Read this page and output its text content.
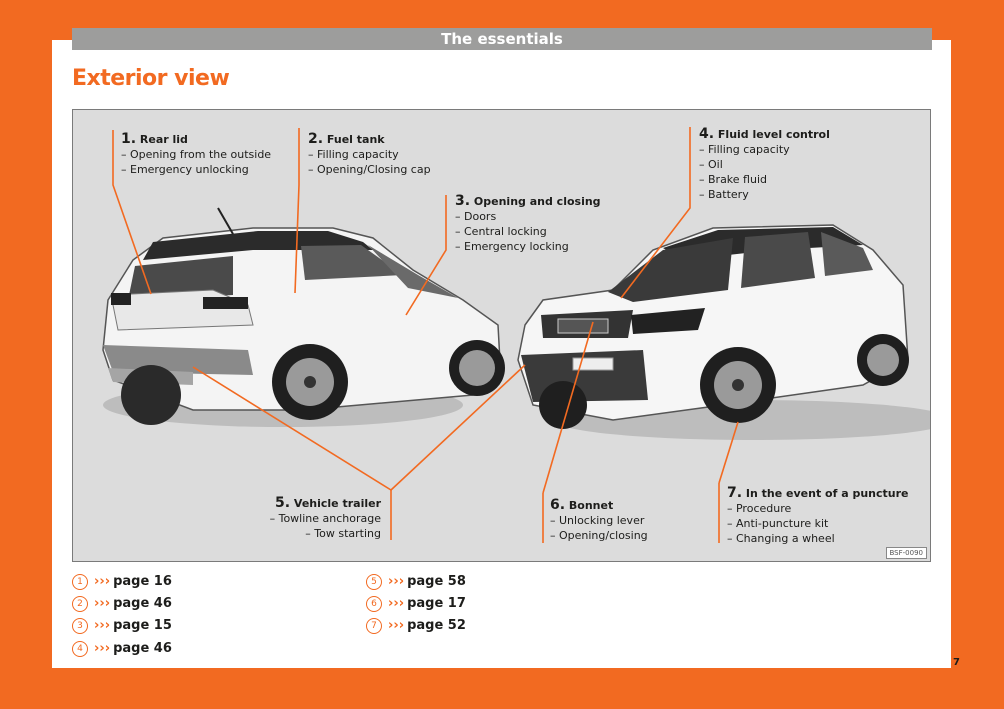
The essentials
Exterior view
1. Rear lid
– Opening from the outside
– Emergency unlocking
2. Fuel tank
– Filling capacity
– Opening/Closing cap
3. Opening and closing
– Doors
– Central locking
– Emergency locking
4. Fluid level control
– Filling capacity
– Oil
– Brake fluid
– Battery
5. Vehicle trailer
– Towline anchorage
– Tow starting
6. Bonnet
– Unlocking lever
– Opening/closing
7. In the event of a puncture
– Procedure
– Anti-puncture kit
– Changing a wheel
BSF-0090
1 ››› page 16
2 ››› page 46
3 ››› page 15
4 ››› page 46
5 ››› page 58
6 ››› page 17
7 ››› page 52
7
